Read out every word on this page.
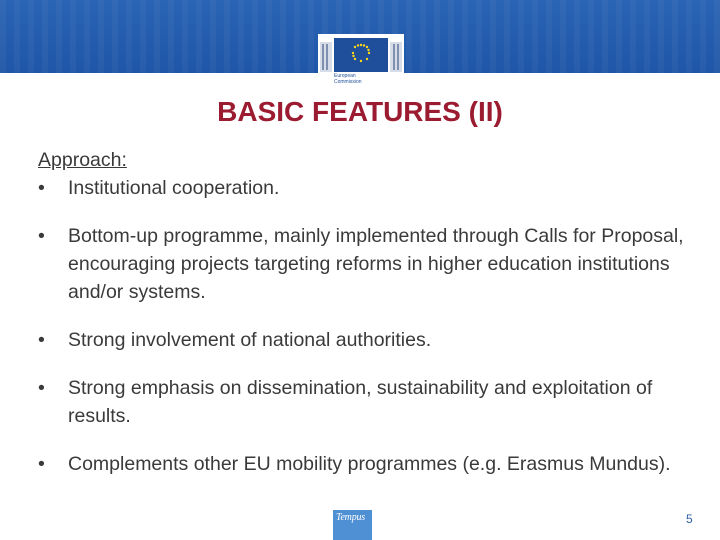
European
Commission
BASIC FEATURES (II)
Approach:
•	Institutional cooperation.
•	Bottom-up programme, mainly implemented through Calls for Proposal, encouraging projects targeting reforms in higher education institutions and/or systems.
•	Strong involvement of national authorities.
•	Strong emphasis on dissemination, sustainability and exploitation of results.
•	Complements other EU mobility programmes (e.g. Erasmus Mundus).
Tempus	5
